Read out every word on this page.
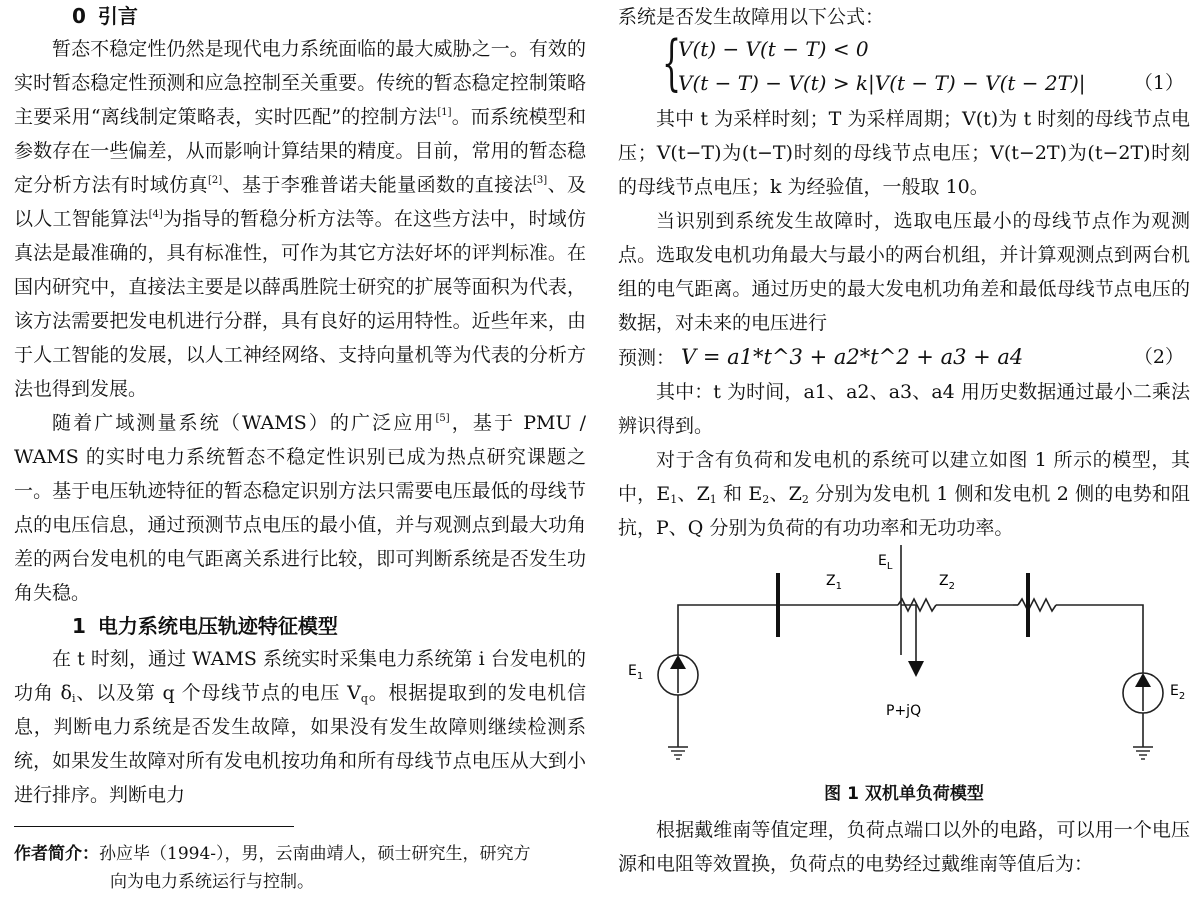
0 引言

暂态不稳定性仍然是现代电力系统面临的最大威胁之一。有效的实时暂态稳定性预测和应急控制至关重要。传统的暂态稳定控制策略主要采用“离线制定策略表，实时匹配”的控制方法[1]。而系统模型和参数存在一些偏差，从而影响计算结果的精度。目前，常用的暂态稳定分析方法有时域仿真[2]、基于李雅普诺夫能量函数的直接法[3]、及以人工智能算法[4]为指导的暂稳分析方法等。在这些方法中，时域仿真法是最准确的，具有标准性，可作为其它方法好坏的评判标准。在国内研究中，直接法主要是以薛禹胜院士研究的扩展等面积为代表，该方法需要把发电机进行分群，具有良好的运用特性。近些年来，由于人工智能的发展，以人工神经网络、支持向量机等为代表的分析方法也得到发展。

随着广域测量系统（WAMS）的广泛应用[5]，基于 PMU / WAMS 的实时电力系统暂态不稳定性识别已成为热点研究课题之一。基于电压轨迹特征的暂态稳定识别方法只需要电压最低的母线节点的电压信息，通过预测节点电压的最小值，并与观测点到最大功角差的两台发电机的电气距离关系进行比较，即可判断系统是否发生功角失稳。

1 电力系统电压轨迹特征模型

在 t 时刻，通过 WAMS 系统实时采集电力系统第 i 台发电机的功角 $\delta_i$、以及第 q 个母线节点的电压 $V_q$。根据提取到的发电机信息，判断电力系统是否发生故障，如果没有发生故障则继续检测系统，如果发生故障对所有发电机按功角和所有母线节点电压从大到小进行排序。判断电力

作者简介：孙应毕（1994-），男，云南曲靖人，硕士研究生，研究方
向为电力系统运行与控制。

系统是否发生故障用以下公式：

{
V(t) − V(t − T) < 0
V(t − T) − V(t) > k|V(t − T) − V(t − 2T)|	（1）

其中 t 为采样时刻；T 为采样周期；V(t)为 t 时刻的母线节点电压；V(t−T)为(t−T)时刻的母线节点电压；V(t−2T)为(t−2T)时刻的母线节点电压；k 为经验值，一般取 10。

当识别到系统发生故障时，选取电压最小的母线节点作为观测点。选取发电机功角最大与最小的两台机组，并计算观测点到两台机组的电气距离。通过历史的最大发电机功角差和最低母线节点电压的数据，对未来的电压进行

预测： V = a1*t^3 + a2*t^2 + a3 + a4	（2）

其中：t 为时间，a1、a2、a3、a4 用历史数据通过最小二乘法辨识得到。

对于含有负荷和发电机的系统可以建立如图 1 所示的模型，其中，$E_1$、$Z_1$ 和 $E_2$、$Z_2$ 分别为发电机 1 侧和发电机 2 侧的电势和阻抗，P、Q 分别为负荷的有功功率和无功功率。

$E_L$
$Z_1$	$Z_2$
$E_1$
$E_2$
P+jQ
图 1 双机单负荷模型

根据戴维南等值定理，负荷点端口以外的电路，可以用一个电压源和电阻等效置换，负荷点的电势经过戴维南等值后为：
